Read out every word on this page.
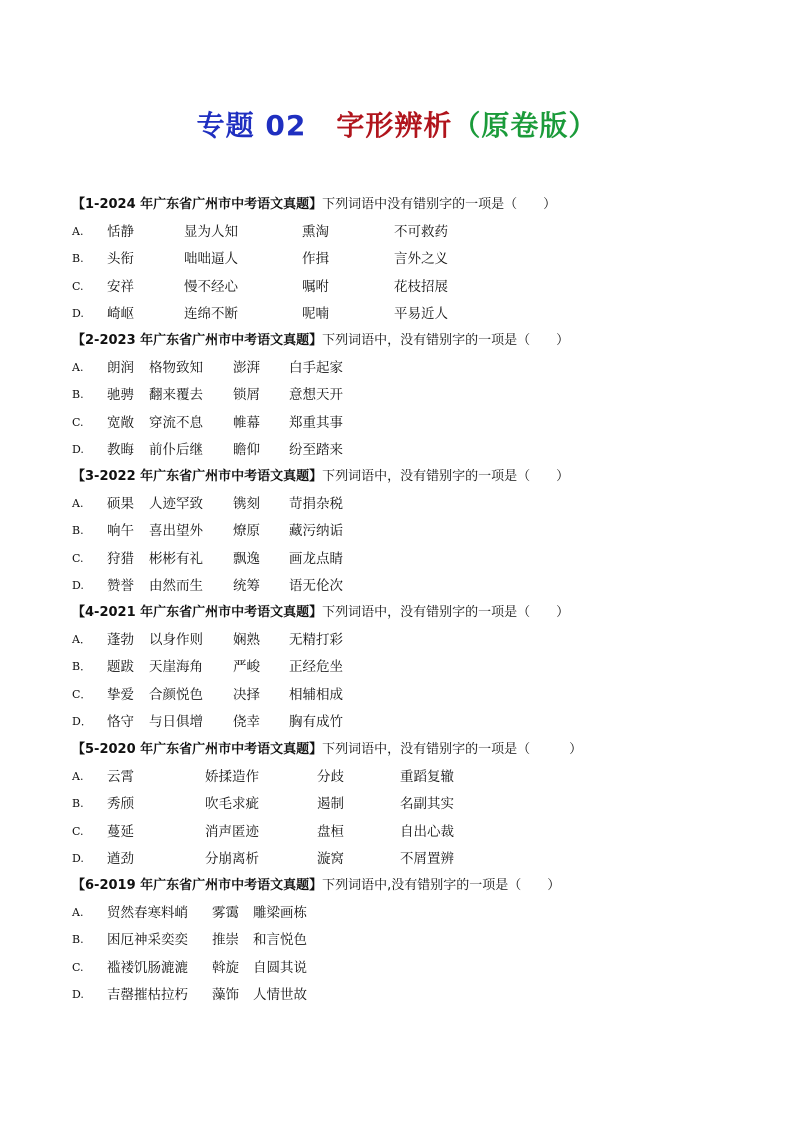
专题 02 字形辨析（原卷版）
【1-2024 年广东省广州市中考语文真题】下列词语中没有错别字的一项是（　　）
A. 恬静	显为人知	熏淘	不可救药
B. 头衔	咄咄逼人	作揖	言外之义
C. 安祥	慢不经心	嘱咐	花枝招展
D. 崎岖	连绵不断	呢喃	平易近人
【2-2023 年广东省广州市中考语文真题】下列词语中，没有错别字的一项是（　　）
A. 朗润 格物致知 澎湃 白手起家
B. 驰骋 翻来覆去 锁屑 意想天开
C. 宽敞 穿流不息 帷幕 郑重其事
D. 教晦 前仆后继 瞻仰 纷至踏来
【3-2022 年广东省广州市中考语文真题】下列词语中，没有错别字的一项是（　　）
A. 硕果 人迹罕致 镌刻 苛捐杂税
B. 响午 喜出望外 燎原 藏污纳诟
C. 狩猎 彬彬有礼 飘逸 画龙点睛
D. 赞誉 由然而生 统筹 语无伦次
【4-2021 年广东省广州市中考语文真题】下列词语中，没有错别字的一项是（　　）
A． 蓬勃 以身作则 娴熟 无精打彩
B． 题跋 天崖海角 严峻 正经危坐
C． 挚爱 合颜悦色 决择 相辅相成
D． 恪守 与日俱增 侥幸 胸有成竹
【5-2020 年广东省广州市中考语文真题】下列词语中，没有错别字的一项是（　　　）
A. 云霄	娇揉造作	分歧	重蹈复辙
B. 秀颀	吹毛求疵	遏制	名副其实
C. 蔓延	消声匿迹	盘桓	自出心裁
D. 遒劲	分崩离析	漩窝	不屑置辨
【6-2019 年广东省广州市中考语文真题】下列词语中,没有错别字的一项是（　　）
A. 贸然 春寒料峭 雾霭 雕梁画栋
B. 困厄 神采奕奕 推崇 和言悦色
C. 褴褛 饥肠漉漉 斡旋 自圆其说
D. 吉罄 摧枯拉朽 藻饰 人情世故
